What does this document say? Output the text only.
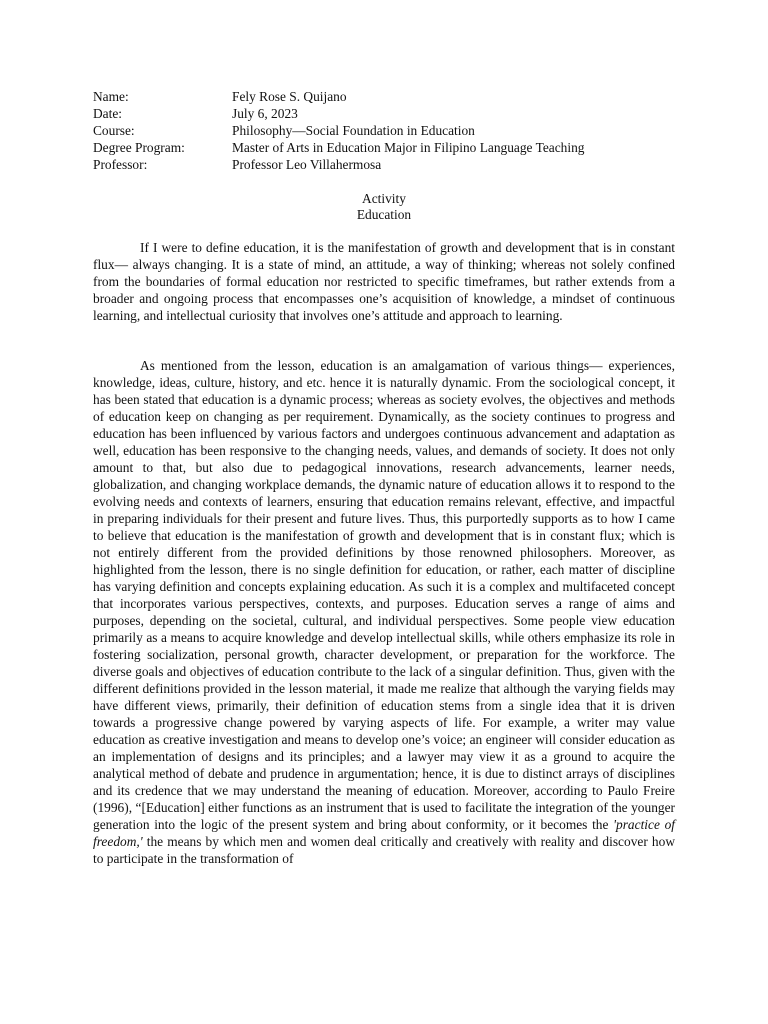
Name:	Fely Rose S. Quijano
Date:	July 6, 2023
Course:	Philosophy—Social Foundation in Education
Degree Program:	Master of Arts in Education Major in Filipino Language Teaching
Professor:	Professor Leo Villahermosa
Activity
Education

If I were to define education, it is the manifestation of growth and development that is in constant flux— always changing. It is a state of mind, an attitude, a way of thinking; whereas not solely confined from the boundaries of formal education nor restricted to specific timeframes, but rather extends from a broader and ongoing process that encompasses one’s acquisition of knowledge, a mindset of continuous learning, and intellectual curiosity that involves one’s attitude and approach to learning.

As mentioned from the lesson, education is an amalgamation of various things— experiences, knowledge, ideas, culture, history, and etc. hence it is naturally dynamic. From the sociological concept, it has been stated that education is a dynamic process; whereas as society evolves, the objectives and methods of education keep on changing as per requirement. Dynamically, as the society continues to progress and education has been influenced by various factors and undergoes continuous advancement and adaptation as well, education has been responsive to the changing needs, values, and demands of society. It does not only amount to that, but also due to pedagogical innovations, research advancements, learner needs, globalization, and changing workplace demands, the dynamic nature of education allows it to respond to the evolving needs and contexts of learners, ensuring that education remains relevant, effective, and impactful in preparing individuals for their present and future lives. Thus, this purportedly supports as to how I came to believe that education is the manifestation of growth and development that is in constant flux; which is not entirely different from the provided definitions by those renowned philosophers. Moreover, as highlighted from the lesson, there is no single definition for education, or rather, each matter of discipline has varying definition and concepts explaining education. As such it is a complex and multifaceted concept that incorporates various perspectives, contexts, and purposes. Education serves a range of aims and purposes, depending on the societal, cultural, and individual perspectives. Some people view education primarily as a means to acquire knowledge and develop intellectual skills, while others emphasize its role in fostering socialization, personal growth, character development, or preparation for the workforce. The diverse goals and objectives of education contribute to the lack of a singular definition. Thus, given with the different definitions provided in the lesson material, it made me realize that although the varying fields may have different views, primarily, their definition of education stems from a single idea that it is driven towards a progressive change powered by varying aspects of life. For example, a writer may value education as creative investigation and means to develop one’s voice; an engineer will consider education as an implementation of designs and its principles; and a lawyer may view it as a ground to acquire the analytical method of debate and prudence in argumentation; hence, it is due to distinct arrays of disciplines and its credence that we may understand the meaning of education. Moreover, according to Paulo Freire (1996), “[Education] either functions as an instrument that is used to facilitate the integration of the younger generation into the logic of the present system and bring about conformity, or it becomes the 'practice of freedom,' the means by which men and women deal critically and creatively with reality and discover how to participate in the transformation of
